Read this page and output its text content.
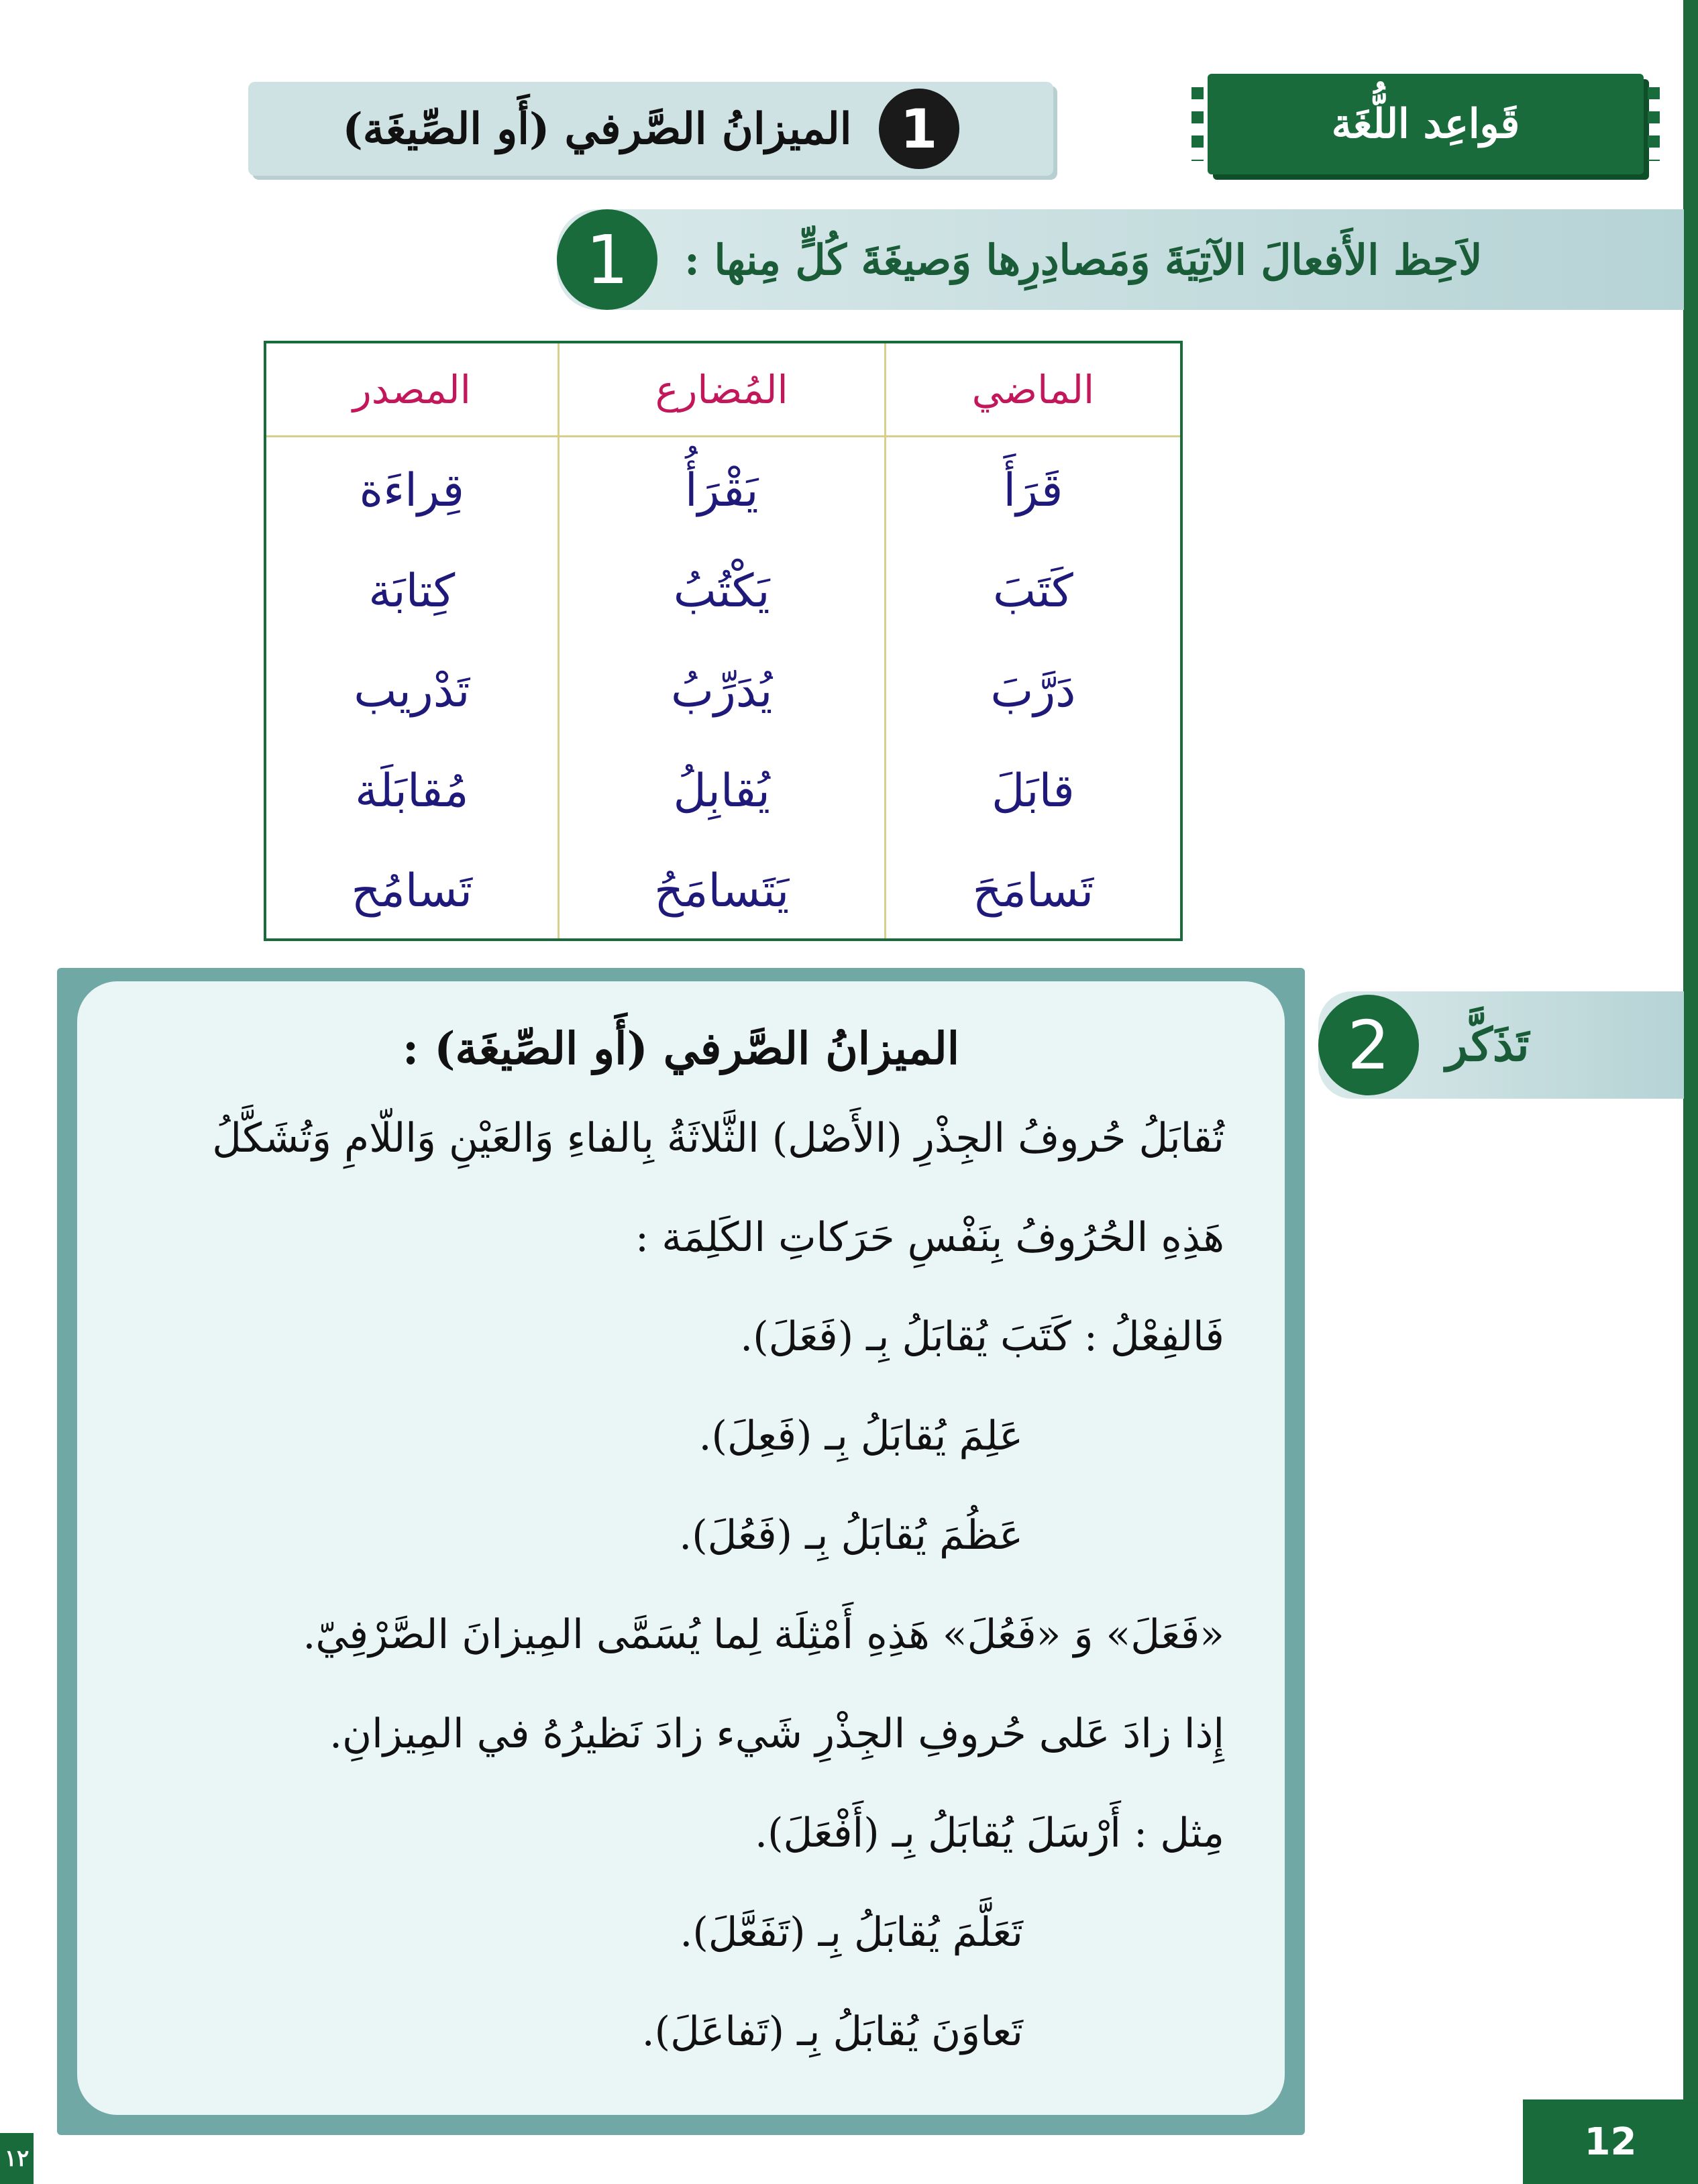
قَواعِد اللُّغَة
1
الميزانُ الصَّرفي (أَو الصِّيغَة)
1	لاَحِظ الأَفعالَ الآتِيَةَ وَمَصادِرِها وَصيغَةَ كُلٍّ مِنها :
الماضي	المُضارع	المصدر
قَرَأَ	يَقْرَأُ	قِراءَة
كَتَبَ	يَكْتُبُ	كِتابَة
دَرَّبَ	يُدَرِّبُ	تَدْريب
قابَلَ	يُقابِلُ	مُقابَلَة
تَسامَحَ	يَتَسامَحُ	تَسامُح
2	تَذَكَّر
الميزانُ الصَّرفي (أَو الصِّيغَة) :
تُقابَلُ حُروفُ الجِذْرِ (الأَصْل) الثَّلاثَةُ بِالفاءِ وَالعَيْنِ وَاللّامِ وَتُشَكَّلُ
هَذِهِ الحُرُوفُ بِنَفْسِ حَرَكاتِ الكَلِمَة :
فَالفِعْلُ : كَتَبَ يُقابَلُ بِـ (فَعَلَ).
عَلِمَ يُقابَلُ بِـ (فَعِلَ).
عَظُمَ يُقابَلُ بِـ (فَعُلَ).
«فَعَلَ» وَ «فَعُلَ» هَذِهِ أَمْثِلَة لِما يُسَمَّى المِيزانَ الصَّرْفِيّ.
إِذا زادَ عَلى حُروفِ الجِذْرِ شَيء زادَ نَظيرُهُ في المِيزانِ.
مِثل : أَرْسَلَ يُقابَلُ بِـ (أَفْعَلَ).
تَعَلَّمَ يُقابَلُ بِـ (تَفَعَّلَ).
تَعاوَنَ يُقابَلُ بِـ (تَفاعَلَ).
12
١٢
